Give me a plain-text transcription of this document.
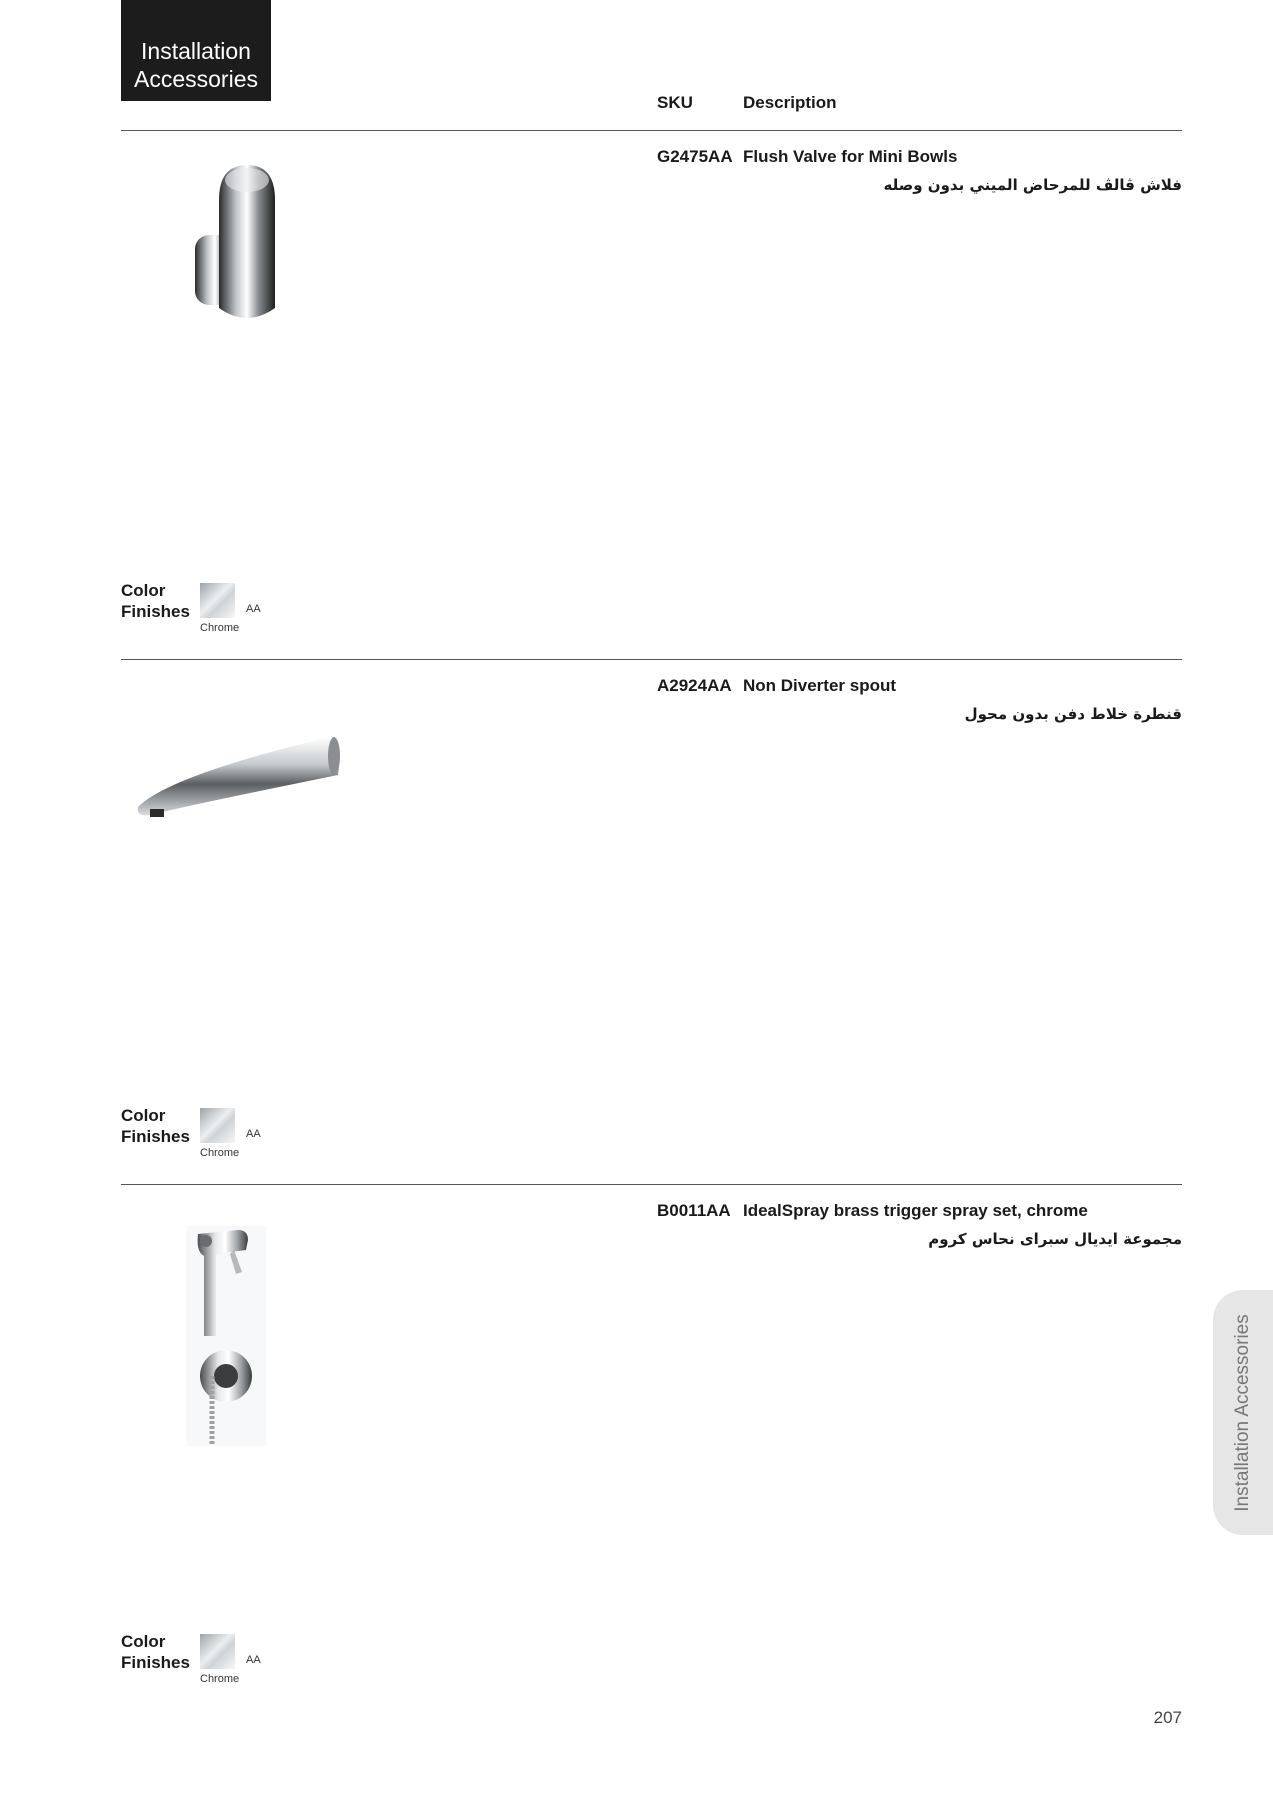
Installation
Accessories
SKU	Description
G2475AA Flush Valve for Mini Bowls
فلاش ڤالڤ للمرحاض الميني بدون وصله
Color
Finishes	AA
Chrome
A2924AA Non Diverter spout
قنطرة خلاط دفن بدون محول
Color
Finishes	AA
Chrome
B0011AA IdealSpray brass trigger spray set, chrome
مجموعة ايديال سبراى نحاس كروم
Color
Finishes	AA
Chrome
Installation Accessories
207
